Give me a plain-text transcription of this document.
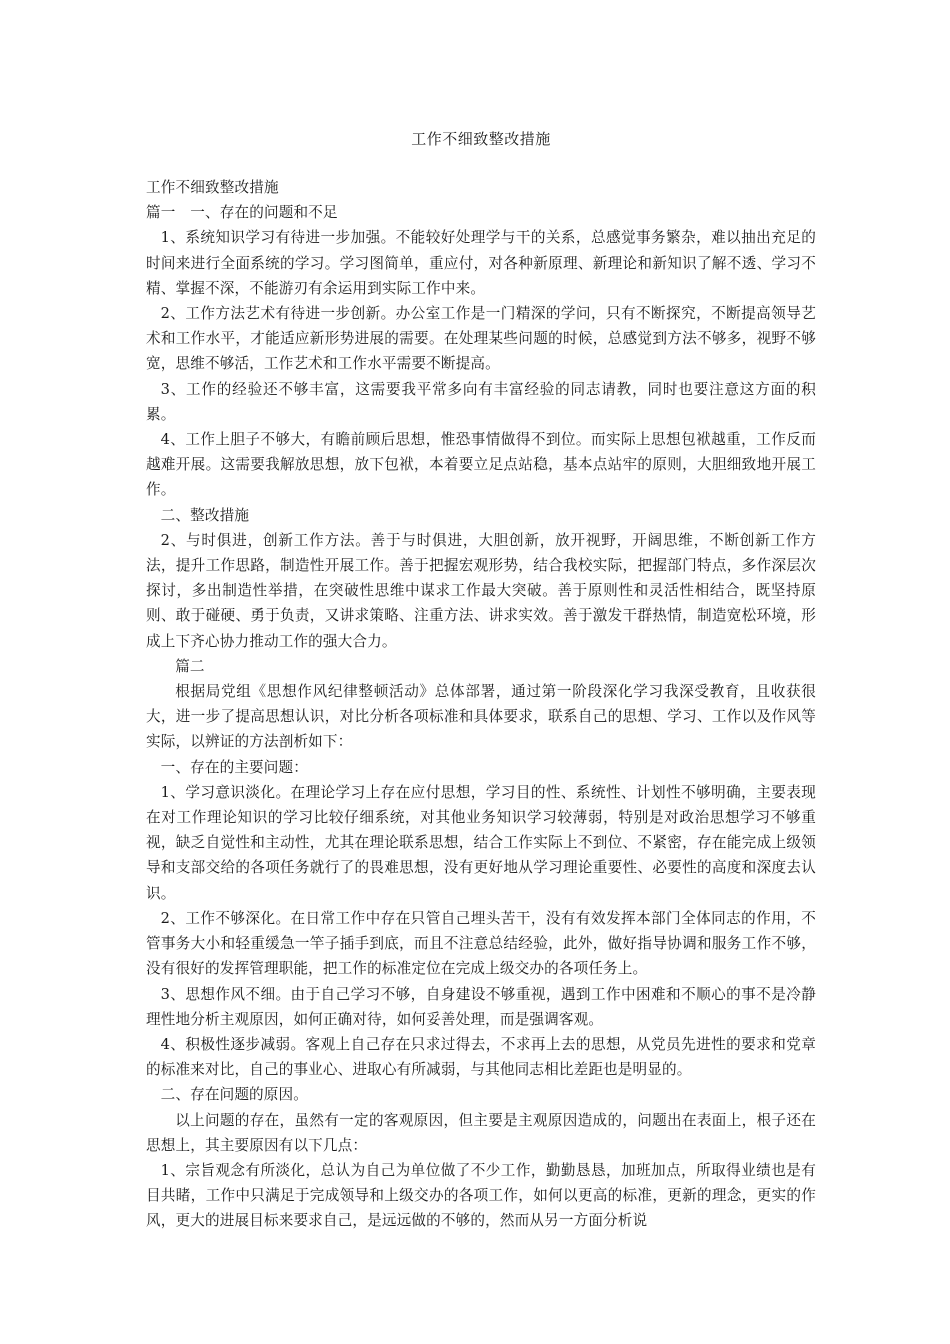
工作不细致整改措施

工作不细致整改措施

篇一　一、存在的问题和不足

1、系统知识学习有待进一步加强。不能较好处理学与干的关系，总感觉事务繁杂，难以抽出充足的时间来进行全面系统的学习。学习图简单，重应付，对各种新原理、新理论和新知识了解不透、学习不精、掌握不深，不能游刃有余运用到实际工作中来。

2、工作方法艺术有待进一步创新。办公室工作是一门精深的学问，只有不断探究，不断提高领导艺术和工作水平，才能适应新形势进展的需要。在处理某些问题的时候，总感觉到方法不够多，视野不够宽，思维不够活，工作艺术和工作水平需要不断提高。

3、工作的经验还不够丰富，这需要我平常多向有丰富经验的同志请教，同时也要注意这方面的积累。

4、工作上胆子不够大，有瞻前顾后思想，惟恐事情做得不到位。而实际上思想包袱越重，工作反而越难开展。这需要我解放思想，放下包袱，本着要立足点站稳，基本点站牢的原则，大胆细致地开展工作。

二、整改措施

2、与时俱进，创新工作方法。善于与时俱进，大胆创新，放开视野，开阔思维，不断创新工作方法，提升工作思路，制造性开展工作。善于把握宏观形势，结合我校实际，把握部门特点，多作深层次探讨，多出制造性举措，在突破性思维中谋求工作最大突破。善于原则性和灵活性相结合，既坚持原则、敢于碰硬、勇于负责，又讲求策略、注重方法、讲求实效。善于激发干群热情，制造宽松环境，形成上下齐心协力推动工作的强大合力。

篇二

根据局党组《思想作风纪律整顿活动》总体部署，通过第一阶段深化学习我深受教育，且收获很大，进一步了提高思想认识，对比分析各项标准和具体要求，联系自己的思想、学习、工作以及作风等实际，以辨证的方法剖析如下：

一、存在的主要问题：

1、学习意识淡化。在理论学习上存在应付思想，学习目的性、系统性、计划性不够明确，主要表现在对工作理论知识的学习比较仔细系统，对其他业务知识学习较薄弱，特别是对政治思想学习不够重视，缺乏自觉性和主动性，尤其在理论联系思想，结合工作实际上不到位、不紧密，存在能完成上级领导和支部交给的各项任务就行了的畏难思想，没有更好地从学习理论重要性、必要性的高度和深度去认识。

2、工作不够深化。在日常工作中存在只管自己埋头苦干，没有有效发挥本部门全体同志的作用，不管事务大小和轻重缓急一竿子插手到底，而且不注意总结经验，此外，做好指导协调和服务工作不够，没有很好的发挥管理职能，把工作的标准定位在完成上级交办的各项任务上。

3、思想作风不细。由于自己学习不够，自身建设不够重视，遇到工作中困难和不顺心的事不是冷静理性地分析主观原因，如何正确对待，如何妥善处理，而是强调客观。

4、积极性逐步减弱。客观上自己存在只求过得去，不求再上去的思想，从党员先进性的要求和党章的标准来对比，自己的事业心、进取心有所减弱，与其他同志相比差距也是明显的。

二、存在问题的原因。

以上问题的存在，虽然有一定的客观原因，但主要是主观原因造成的，问题出在表面上，根子还在思想上，其主要原因有以下几点：

1、宗旨观念有所淡化，总认为自己为单位做了不少工作，勤勤恳恳，加班加点，所取得业绩也是有目共睹，工作中只满足于完成领导和上级交办的各项工作，如何以更高的标准，更新的理念，更实的作风，更大的进展目标来要求自己，是远远做的不够的，然而从另一方面分析说
